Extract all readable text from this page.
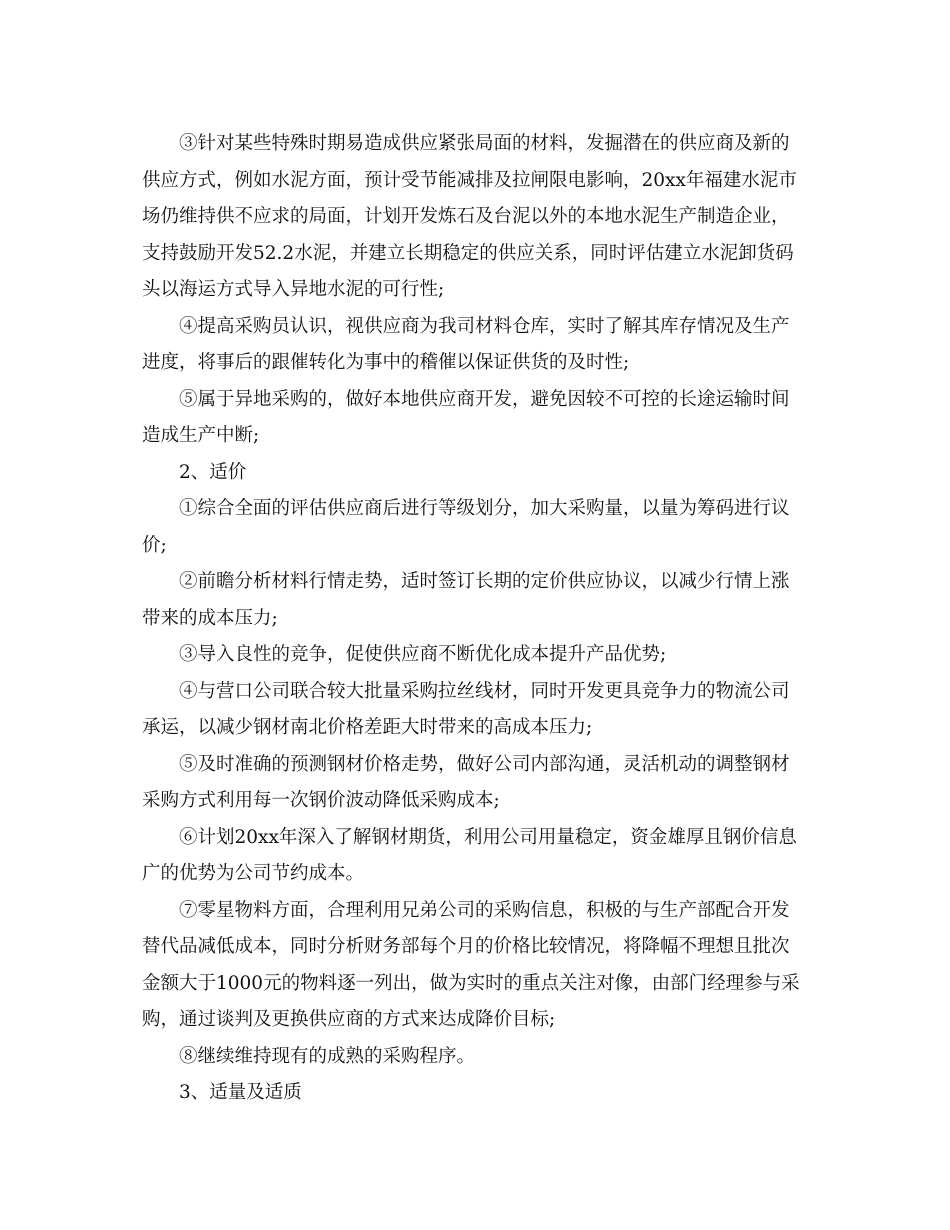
③针对某些特殊时期易造成供应紧张局面的材料，发掘潜在的供应商及新的
供应方式，例如水泥方面，预计受节能减排及拉闸限电影响，20xx年福建水泥市
场仍维持供不应求的局面，计划开发炼石及台泥以外的本地水泥生产制造企业，
支持鼓励开发52.2水泥，并建立长期稳定的供应关系，同时评估建立水泥卸货码
头以海运方式导入异地水泥的可行性;
④提高采购员认识，视供应商为我司材料仓库，实时了解其库存情况及生产
进度，将事后的跟催转化为事中的稽催以保证供货的及时性;
⑤属于异地采购的，做好本地供应商开发，避免因较不可控的长途运输时间
造成生产中断;
2、适价
①综合全面的评估供应商后进行等级划分，加大采购量，以量为筹码进行议
价;
②前瞻分析材料行情走势，适时签订长期的定价供应协议，以减少行情上涨
带来的成本压力;
③导入良性的竞争，促使供应商不断优化成本提升产品优势;
④与营口公司联合较大批量采购拉丝线材，同时开发更具竞争力的物流公司
承运，以减少钢材南北价格差距大时带来的高成本压力;
⑤及时准确的预测钢材价格走势，做好公司内部沟通，灵活机动的调整钢材
采购方式利用每一次钢价波动降低采购成本;
⑥计划20xx年深入了解钢材期货，利用公司用量稳定，资金雄厚且钢价信息
广的优势为公司节约成本。
⑦零星物料方面，合理利用兄弟公司的采购信息，积极的与生产部配合开发
替代品减低成本，同时分析财务部每个月的价格比较情况，将降幅不理想且批次
金额大于1000元的物料逐一列出，做为实时的重点关注对像，由部门经理参与采
购，通过谈判及更换供应商的方式来达成降价目标;
⑧继续维持现有的成熟的采购程序。
3、适量及适质
